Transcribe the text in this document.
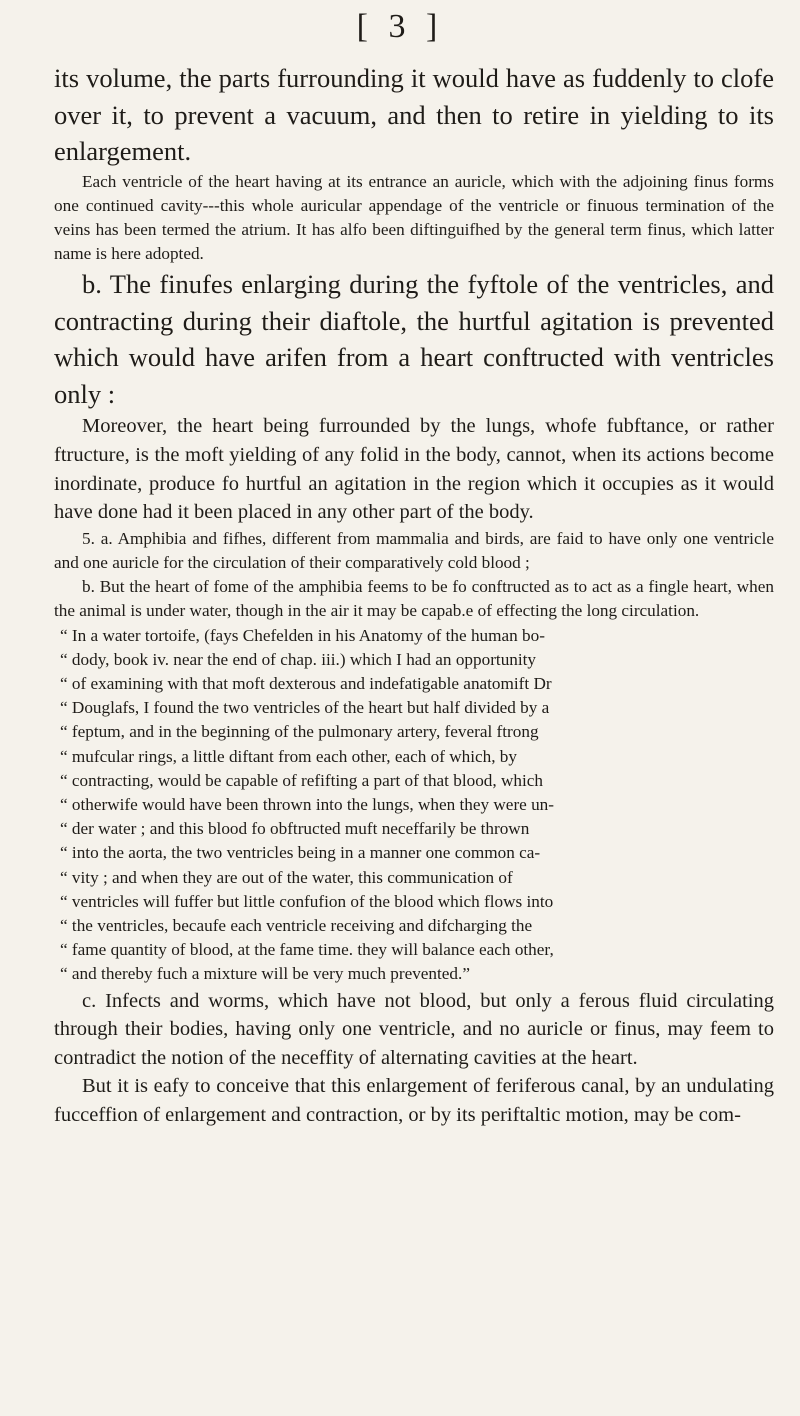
[ 3 ]

its volume, the parts furrounding it would have as fuddenly to clofe over it, to prevent a vacuum, and then to retire in yielding to its enlargement.

Each ventricle of the heart having at its entrance an auricle, which with the adjoining finus forms one continued cavity---this whole auricular appendage of the ventricle or finuous termination of the veins has been termed the atrium. It has alfo been diftinguifhed by the general term finus, which latter name is here adopted.

b. The finufes enlarging during the fyftole of the ventricles, and contracting during their diaftole, the hurtful agitation is prevented which would have arifen from a heart conftructed with ventricles only :

Moreover, the heart being furrounded by the lungs, whofe fubftance, or rather ftructure, is the moft yielding of any folid in the body, cannot, when its actions become inordinate, produce fo hurtful an agitation in the region which it occupies as it would have done had it been placed in any other part of the body.

5. a. Amphibia and fifhes, different from mammalia and birds, are faid to have only one ventricle and one auricle for the circulation of their comparatively cold blood ;

b. But the heart of fome of the amphibia feems to be fo conftructed as to act as a fingle heart, when the animal is under water, though in the air it may be capab.e of effecting the long circulation.

“ In a water tortoife, (fays Chefelden in his Anatomy of the human bo-
“ dody, book iv. near the end of chap. iii.) which I had an opportunity
“ of examining with that moft dexterous and indefatigable anatomift Dr
“ Douglafs, I found the two ventricles of the heart but half divided by a
“ feptum, and in the beginning of the pulmonary artery, feveral ftrong
“ mufcular rings, a little diftant from each other, each of which, by
“ contracting, would be capable of refifting a part of that blood, which
“ otherwife would have been thrown into the lungs, when they were un-
“ der water ; and this blood fo obftructed muft neceffarily be thrown
“ into the aorta, the two ventricles being in a manner one common ca-
“ vity ; and when they are out of the water, this communication of
“ ventricles will fuffer but little confufion of the blood which flows into
“ the ventricles, becaufe each ventricle receiving and difcharging the
“ fame quantity of blood, at the fame time. they will balance each other,
“ and thereby fuch a mixture will be very much prevented.”

c. Infects and worms, which have not blood, but only a ferous fluid circulating through their bodies, having only one ventricle, and no auricle or finus, may feem to contradict the notion of the neceffity of alternating cavities at the heart.

But it is eafy to conceive that this enlargement of feriferous canal, by an undulating fucceffion of enlargement and contraction, or by its periftaltic motion, may be com-
